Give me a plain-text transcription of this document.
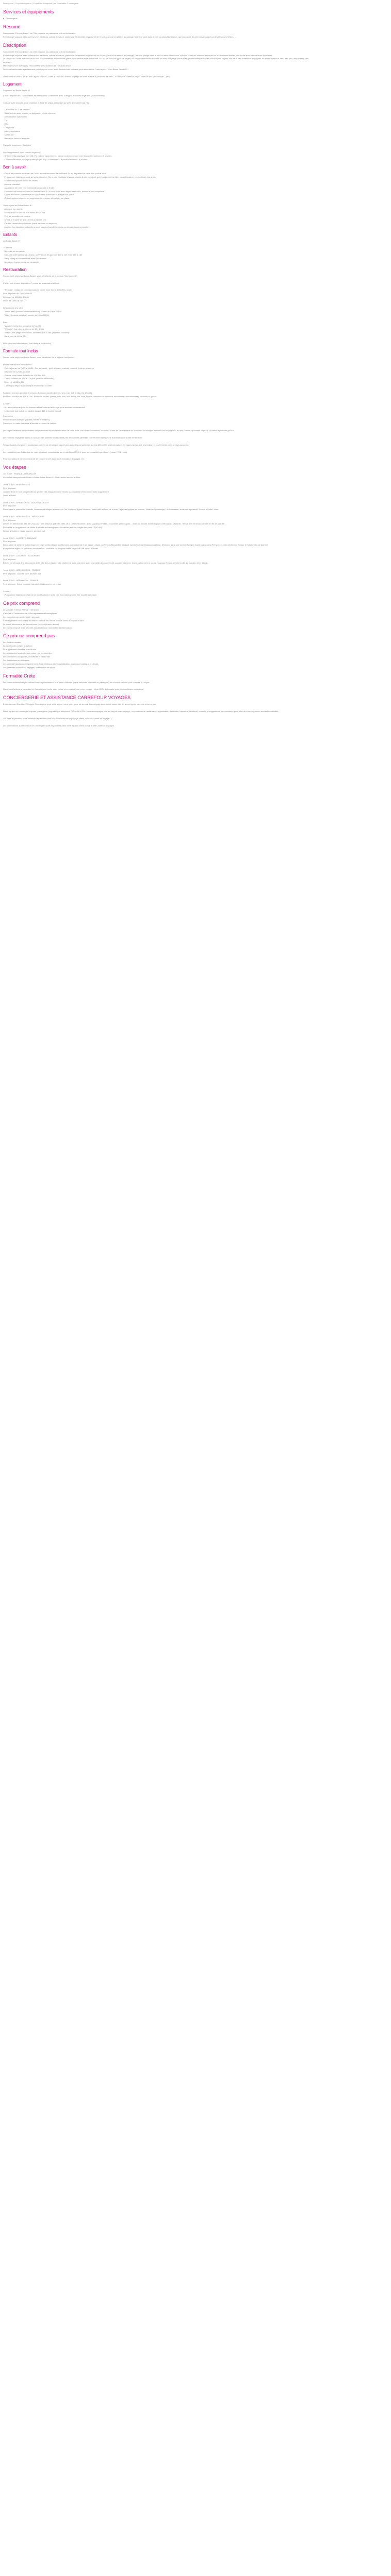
Description | Ce prix comprend | Ce prix ne comprend pas Formalités Conciergerie
Services et équipements
Conciergerie
Résumé
Surnommée "l'île aux Dieux", la C'ille possède un patrimoine culturel indéniable.
En mélange toujours intact la ferveur et traditions, culture et nature, plaines de l'ensemble physique et de l'esprit, joies de la table et du partage. Que l'on ploie dans le mer ou dans l'Ambiance, que l'on ouvre les chemins escarpés ou les terrasses fertiles, ...
Description
Surnommée "l'île aux Dieux", la C'ille possède un patrimoine culturel indéniable.
En mélange toujours intact la ferveur et traditions, culture et nature, plaines de l'ensemble physique et de l'esprit, joies de la table et du partage. Que l'on plonge dans la mer ou dans l'Ambiance, que l'on ouvre les chemins escarpés ou les terrasses fertiles, elle invite avec bienveillance la détente.
Le Lodge de Créole associe l'art et tous les ornements de l'artisanat grâce à leur beauté et leur diversité. On trouve tous les types de pages, de longues étendues de sable fin avec à la plage pointe rose, promenades de roches volcaniques, lagons aux eaux bleu émeraude engagées, de sable fin et noir, lieux très peu, des rizières, des toukhes...
Merveilleuses et mythiques, rencontrées avec charmes de l'île aux Dieux !
Un circuit découverte spécialement préparé pour vous, avec 4 excursions incluses pour découvrir la Crète depuis l'hôtel Bahia Beach 5* !

Votre hôtel se situe à 1h du site Lagoon d'Ubud... hôtel à 1h30 de Lombok, la plage de villes et situé à proximité de Baie... Si vous avez aimé la plage, c'est l'île des plus adapté... (etc)
Logement
Logement au Bahia Beach 5*
L'hôtel dispose de 175 chambres réparties dans 4 bâtiments avec 3 étages, entourés de jardins (2 ascenseurs).

Chaque suite propose, pour chambre et salle de séjour, un design au style de mobilier (25 m²) :

· 1 lit double ou 2 lits simples
· Salle de bain avec douche ou baignoire, sèche-cheveux
· Climatisation individuelle
· TV
· Wi-fi
· Téléphone
· Mini-réfrigérateur
· Coffre-fort
· Balcon ou terrasse équipée

Capacité maximum : 3 adultes

Avec supplément, vous pouvez loger en :
· Chambre standard vue mer (25 m²) : même équipements, balcon ou terrasse vue mer. Capacité maximum : 3 adultes.
· Chambre familiale à usage quadruple (45 m²) : 2 chambres. Capacité maximum : 4 adultes.
Bon à savoir
· Circuit découverte au départ de l'hôtel au mot bienvenu Bahia Beach 5*, en dégustant la carte d'un produit local.
· Programme établi pour vous arriver à découvrir l'île et une multitude d'autres choses à voir en séjour, qui vous permet de bien vous ressourcer les meilleurs moments.
· Guide francophone durant les visites.
· Autocar climatisé.
· Assistance de notre représentant francophone à l'hôtel.
· Formule tout inclus au Stand le Bahia Beach 5*. 4 excursions avec déjeuners inclus, boissons non comprises.
· Option excursion à l'extérieur en supplément à réserver et à régler sur place.
· Options extra à réserver en supplément à réserver et à régler sur place.

Votre séjour au Bahia Beach 5* :
· Animaux non admis.
· Accès de bus à 400 m, bus toutes les 30 mn
· Prêt de serviettes de piscine
· Check-in à partir de 14h, check-out avant 12h.
· Caution demandée à l'arrivée (carte bancaire ou espèces)
· A noter : les transferts collectifs se sont pas des transferts privés, au départ du votre transfert.
Enfants
au Bahia Beach 5*:

· Kit bébé
· Berceau sur demande
· Mini-club international (4-12 ans) : ouvert tous les jours de 10h à 14h et de 16h à 18h
· Baby-sitting sur demande et avec supplément
· Nouveaux équipements sur demande
Restauration
Durant votre séjour au Bahia Beach, vous bénéficiez de la formule "tout compris".

L'hôtel met à votre disposition 7 points de restauration et bars :

· "Pergola", restaurant principal (cuisine locale sous forme de buffet), ouvert :
Petit déjeuner de 7h00 à 10h30
Déjeuner de 12h30 à 14h30
Dîner de 18h30 à 21h

Restaurants à la carte :
· "Olive Tree" (cuisine Méditerranéenne), ouvert de 19h à 21h30
· "Orion" (cuisine créative), ouvert de 19h à 22h30

Bars :
· "Antabe", lobby bar, ouvert de 17h à 00h
· "Vittadini", bar piscine, ouvert de 10h à 18h
· "Oasis", bar plage avec snack, ouvert de 10h à 18h (de mai à octobre)
· Bar à vins de 19h à 23h

Pour plus des informations, voir rubrique "tout inclus".
Formule tout inclus
Durant votre séjour au Bahia Beach, vous bénéficiez de la formule tout inclus :

Repas inclus sous forme buffet :
· Petit déjeuner de 7h00 à 10h30 : Sur demande : petit déjeuner matinal, possible fruits en chambre
· Déjeuner de 12h30 à 14h30
· Snacks sous forme de buffet de 12h30 à 17h
· Thé et collation de 16h à 17h (thé, gâteaux et biscuits)
· Dîner de 18h30 à 21h
· 1 dîner par séjour dans chaque restaurant à la carte

Boissons incluses pendant les repas : Boissons locales (bières, vins, eau, soft drinks, thé et café)
Boissons incluses de 10h à 23h : Boissons locales (bières, vins, eau, soft drinks, thé, café, liqueur, sélection de boissons alcoolisées internationales), cocktails et glaces.

A noter :
· Un tenue décente pour les femmes et les hommes est exigé pour accéder au restaurant.
· Le formule tout inclus est valable jusqu'à 12h le jour de départ.
Formalités
Ressortissants français (adultes, bébés et enfants) :
Passeport ou carte nationale d'identité en cours de validité.

Les règles relatives aux formalités ont pu évoluer depuis l'élaboration de cette fiche. Pour les informations, consultez le site de l'ambassade ou consultez la rubrique "conseils aux voyageurs" du site France Diplomatie https://XXXXwww.diplomatie.gouv.fr/

Les mineurs voyageant seuls ou sans un des parents ne disposant pas de l'autorité parentale doivent être munis d'une autorisation de sortie de territoire.

Ressortissants d'origine et binationaux doivent se renseigner auprès des autorités compétentes sur les différentes réglementations en vigueur avant leur réservation et pour l'entrée dans le pays concerné.

Les modalités pour l'obtention de votre visa sont consultables sur le site https://XXX.fr pour les modalités spécifiques (visas : 75 €... etc).

Pour tout séjour il est recommandé de souscrire une assurance annulation, bagages, etc.
Vos étapes
1er JOUR : FRANCE - HÉRAKLION
Accueil et transport en transfert à l'hôtel Bahia Beach 5*. Dîner selon heure d'arrivée.

2ème JOUR : HÉRONISSOS
Petit déjeuner.
Journée libre en tout compris afin de profiter des installations de l'hôtel, ou possibilité d'excursions avec supplément.
Dîner à l'hôtel.

3ème JOUR : SPINALONGA - AGIOS NIKOLAOS
Petit déjeuner.
Route vers le plateau du Lassithi, hameaux et villages typiques de l'île. Arrivée à Agios Nikolaos, petite ville au bord de la mer. Déjeuner typique en taverne. Visite de Spinalonga, l'île-forteresse, ancienne léproserie. Retour à l'hôtel, dîner.

4ème JOUR : HÉRONISSOS - HÉRAKLION
Petit déjeuner.
Départ en direction du site de Cnossos, l'une des plus grandes cités de la Crète minoenne, avec sa palais vénitien, ses ruelles pittoresques... Visite du Musée archéologique d'Héraklion. Déjeuner. Temps libre et retour à l'hôtel en fin de journée.
Possibilité en supplément de visiter le musée archéologique à Héraklion (entrée à régler sur place : 12€ UK).
Retour à l'hôtel en fin de journée, dîner et nuit.

5ème JOUR : LA CRÈTE SAUVAGE
Petit déjeuner.
Découverte de la Crète authentique avec ses petits villages traditionnels, son artisanat et sa nature unique. Arrivée au Monastère d'Arkadi, symbole de la résistance crétoise. Déjeuner dans une taverne typique. Continuation vers Réthymnon, ville vénitienne. Retour à l'hôtel en fin de journée.
En option et régler sur place en vue du retour : croisière sur les plus belles plages de l'île. Dîner à l'hôtel.

6ème JOUR : LA CANÉE / AGOURNES
Petit déjeuner.
Départ vers l'ouest à la découverte de la ville de La Canée, ville vénitienne avec son vieux port, ses ruelles et son marché couvert. Déjeuner. Continuation vers le lac de Kournas. Retour à l'hôtel en fin de journée, dîner et nuit.

7ème JOUR : HÉRONISSOS - FRANCE
Petit déjeuner. Journée libre, dîner et nuit.

8ème JOUR : HÉRAKLION - FRANCE
Petit déjeuner. Selon horaires, transfert à l'aéroport et vol retour.

A noter :
· Programme établi sous réserve de modifications, l'ordre des excursions pourra être modifié sur place.
Ce prix comprend
Le vol aller et retour France / Héraklion.
L'accueil et l'assistance de notre représentant francophone.
Les transferts aéroport / hôtel / aéroport.
L'hébergement en chambre double en formule tout inclus pour la durée du séjour choisie.
Le circuit découverte de 4 excursions (avec déjeuners inclus).
Les taxes aéroport et de sécurité (modifiables au moment de la réservation).
Ce prix ne comprend pas
Les frais de dossier.
La taxe locale à régler sur place.
Le supplément chambre individuelle.
Les excursions facultatives et extras non mentionnés.
Les pourboires aux guides, chauffeurs et personnel.
Les assurances multirisques.
Les garanties assistance rapatriement, frais médicaux et d'hospitalisation, assistance juridique et pénale.
Les garanties annulation, bagages, interruption de séjour.
Formalité Crète
Les ressortissants français doivent être en possession d'une pièce d'identité (carte nationale d'identité ou passeport) en cours de validité pour la durée du séjour.

Nous vous invitons à consulter les formalités de sortie et de police nécessaires pour votre voyage : https://XXX.diplomatie.gouv.fr/conseils-aux-voyageurs/
CONCIERGERIE ET ASSISTANCE CARREFOUR VOYAGES
En choisissant Carrefour Voyages Conciergerie pour votre séjour, vous optez pour un service d'accompagnement ciblé aussi bien en amont qu'en cours de votre séjour.

Notre équipe de concierges, experts, prestigieux, joignable par téléphone 7j/7 de 8h à 22h, vous accompagne tout au long de votre voyage : réservations de restaurants, organisation d'activités, transferts, billetterie, conseils et suggestions personnalisés pour faire de votre séjour un moment inoubliable.

Via notre application, vous retrouvez également tous vos documents de voyage (e-billets, voucher, carnet de voyage...).

Les informations sur le service de conciergerie sont disponibles dans votre espace client ou sur le site Carrefour Voyages.
